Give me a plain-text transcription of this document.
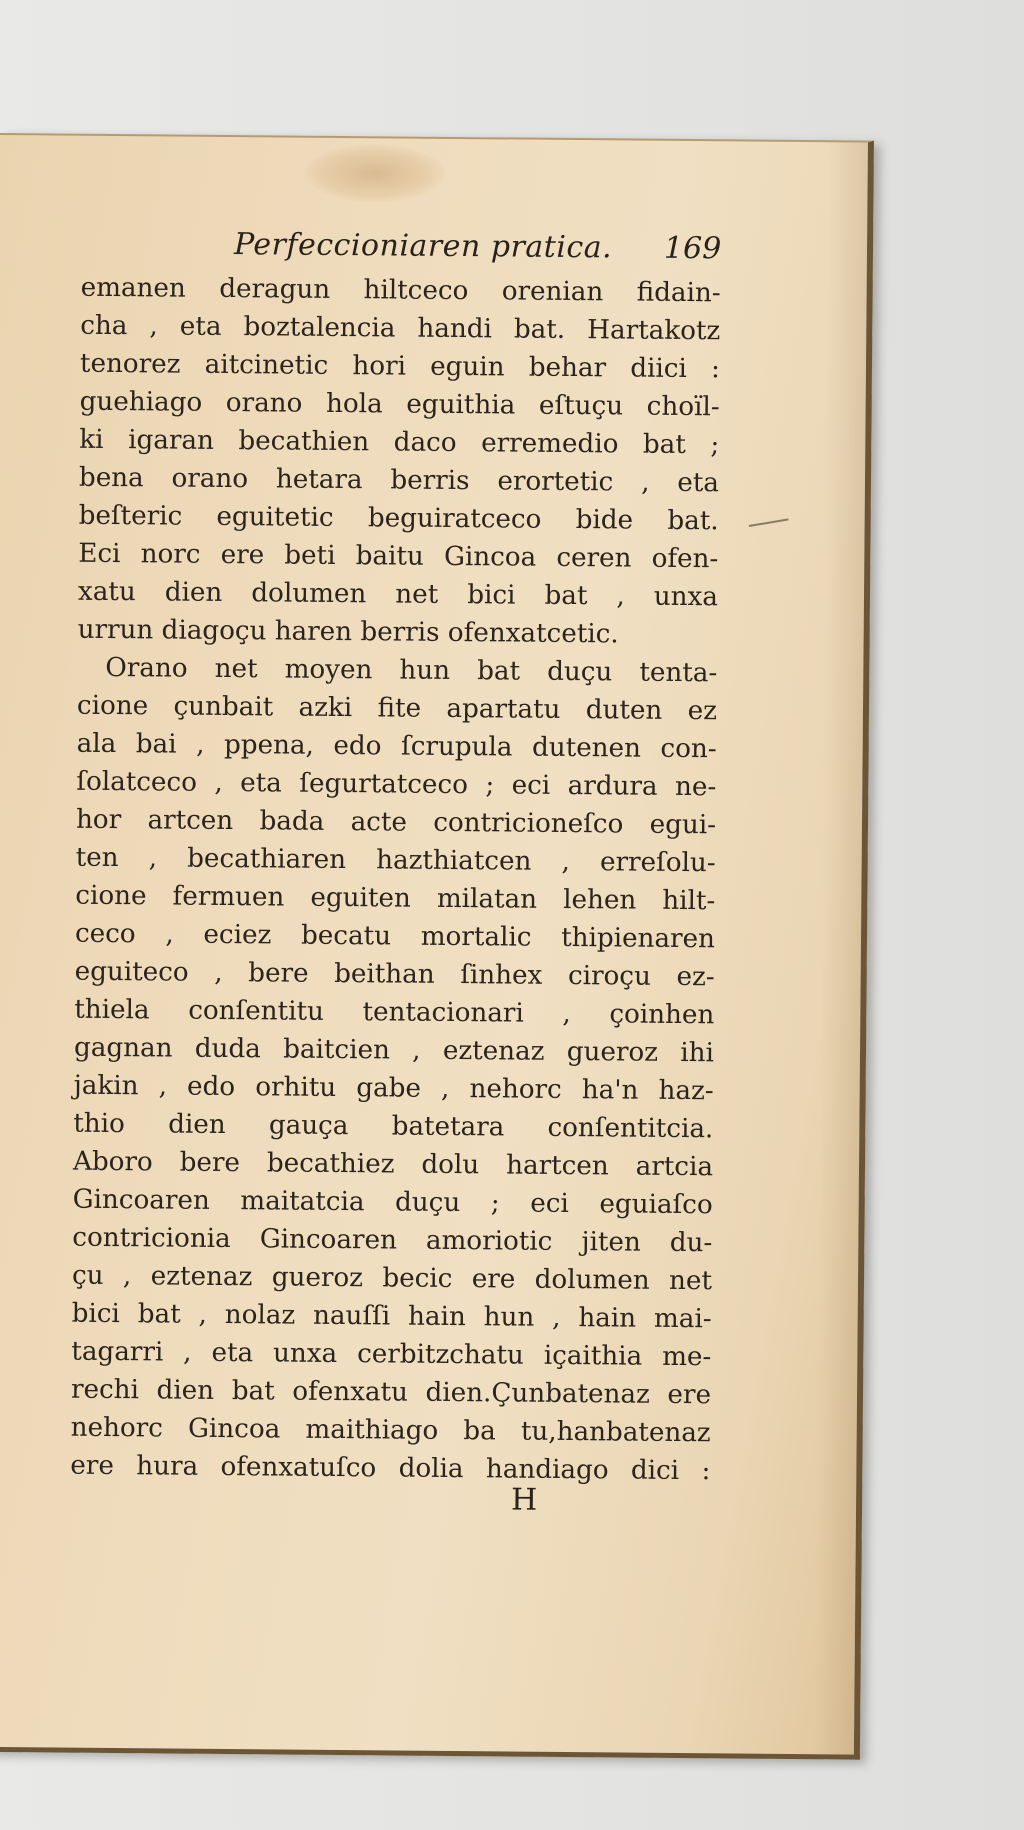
Perfeccioniaren pratica. 169
emanen deragun hiltceco orenian fidain-
cha , eta boztalencia handi bat. Hartakotz
tenorez aitcinetic hori eguin behar diici :
guehiago orano hola eguithia eſtuçu choïl-
ki igaran becathien daco erremedio bat ;
bena orano hetara berris erortetic , eta
beſteric eguitetic beguiratceco bide bat.
Eci norc ere beti baitu Gincoa ceren ofen-
xatu dien dolumen net bici bat , unxa
urrun diagoçu haren berris ofenxatcetic.
Orano net moyen hun bat duçu tenta-
cione çunbait azki fite apartatu duten ez
ala bai , ppena, edo ſcrupula dutenen con-
ſolatceco , eta ſegurtatceco ; eci ardura ne-
hor artcen bada acte contricioneſco egui-
ten , becathiaren hazthiatcen , erreſolu-
cione fermuen eguiten milatan lehen hilt-
ceco , eciez becatu mortalic thipienaren
eguiteco , bere beithan ſinhex ciroçu ez-
thiela conſentitu tentacionari , çoinhen
gagnan duda baitcien , eztenaz gueroz ihi
jakin , edo orhitu gabe , nehorc ha'n haz-
thio dien gauça batetara conſentitcia.
Aboro bere becathiez dolu hartcen artcia
Gincoaren maitatcia duçu ; eci eguiaſco
contricionia Gincoaren amoriotic jiten du-
çu , eztenaz gueroz becic ere dolumen net
bici bat , nolaz nauſſi hain hun , hain mai-
tagarri , eta unxa cerbitzchatu içaithia me-
rechi dien bat ofenxatu dien.Çunbatenaz ere
nehorc Gincoa maithiago ba tu,hanbatenaz
ere hura ofenxatuſco dolia handiago dici :
H
